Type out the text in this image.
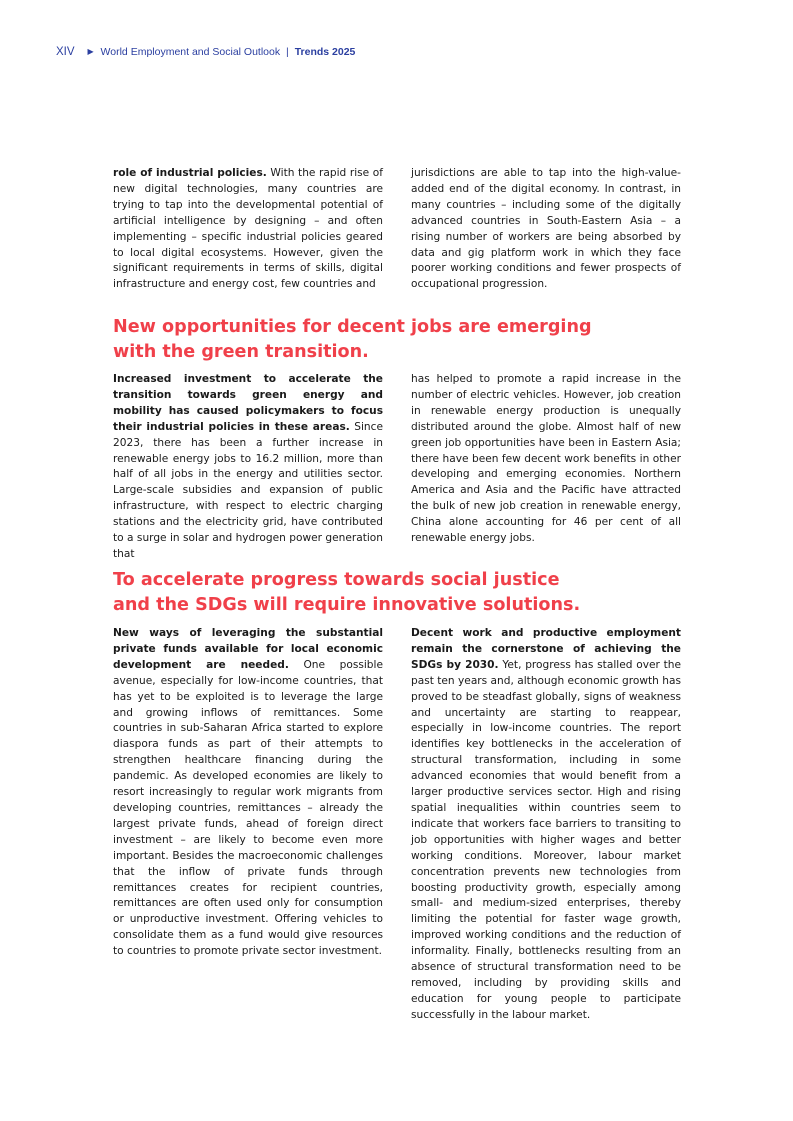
XIV ▶ World Employment and Social Outlook | Trends 2025

role of industrial policies. With the rapid rise of new digital technologies, many countries are trying to tap into the developmental potential of artificial intelligence by designing – and often implementing – specific industrial policies geared to local digital ecosystems. However, given the significant requirements in terms of skills, digital infrastructure and energy cost, few countries and

jurisdictions are able to tap into the high-value-added end of the digital economy. In contrast, in many countries – including some of the digitally advanced countries in South-Eastern Asia – a rising number of workers are being absorbed by data and gig platform work in which they face poorer working conditions and fewer prospects of occupational progression.

New opportunities for decent jobs are emerging
with the green transition.

Increased investment to accelerate the transition towards green energy and mobility has caused policymakers to focus their industrial policies in these areas. Since 2023, there has been a further increase in renewable energy jobs to 16.2 million, more than half of all jobs in the energy and utilities sector. Large-scale subsidies and expansion of public infrastructure, with respect to electric charging stations and the electricity grid, have contributed to a surge in solar and hydrogen power generation that

has helped to promote a rapid increase in the number of electric vehicles. However, job creation in renewable energy production is unequally distributed around the globe. Almost half of new green job opportunities have been in Eastern Asia; there have been few decent work benefits in other developing and emerging economies. Northern America and Asia and the Pacific have attracted the bulk of new job creation in renewable energy, China alone accounting for 46 per cent of all renewable energy jobs.

To accelerate progress towards social justice
and the SDGs will require innovative solutions.

New ways of leveraging the substantial private funds available for local economic development are needed. One possible avenue, especially for low-income countries, that has yet to be exploited is to leverage the large and growing inflows of remittances. Some countries in sub-Saharan Africa started to explore diaspora funds as part of their attempts to strengthen healthcare financing during the pandemic. As developed economies are likely to resort increasingly to regular work migrants from developing countries, remittances – already the largest private funds, ahead of foreign direct investment – are likely to become even more important. Besides the macroeconomic challenges that the inflow of private funds through remittances creates for recipient countries, remittances are often used only for consumption or unproductive investment. Offering vehicles to consolidate them as a fund would give resources to countries to promote private sector investment.

Decent work and productive employment remain the cornerstone of achieving the SDGs by 2030. Yet, progress has stalled over the past ten years and, although economic growth has proved to be steadfast globally, signs of weakness and uncertainty are starting to reappear, especially in low-income countries. The report identifies key bottlenecks in the acceleration of structural transformation, including in some advanced economies that would benefit from a larger productive services sector. High and rising spatial inequalities within countries seem to indicate that workers face barriers to transiting to job opportunities with higher wages and better working conditions. Moreover, labour market concentration prevents new technologies from boosting productivity growth, especially among small- and medium-sized enterprises, thereby limiting the potential for faster wage growth, improved working conditions and the reduction of informality. Finally, bottlenecks resulting from an absence of structural transformation need to be removed, including by providing skills and education for young people to participate successfully in the labour market.
